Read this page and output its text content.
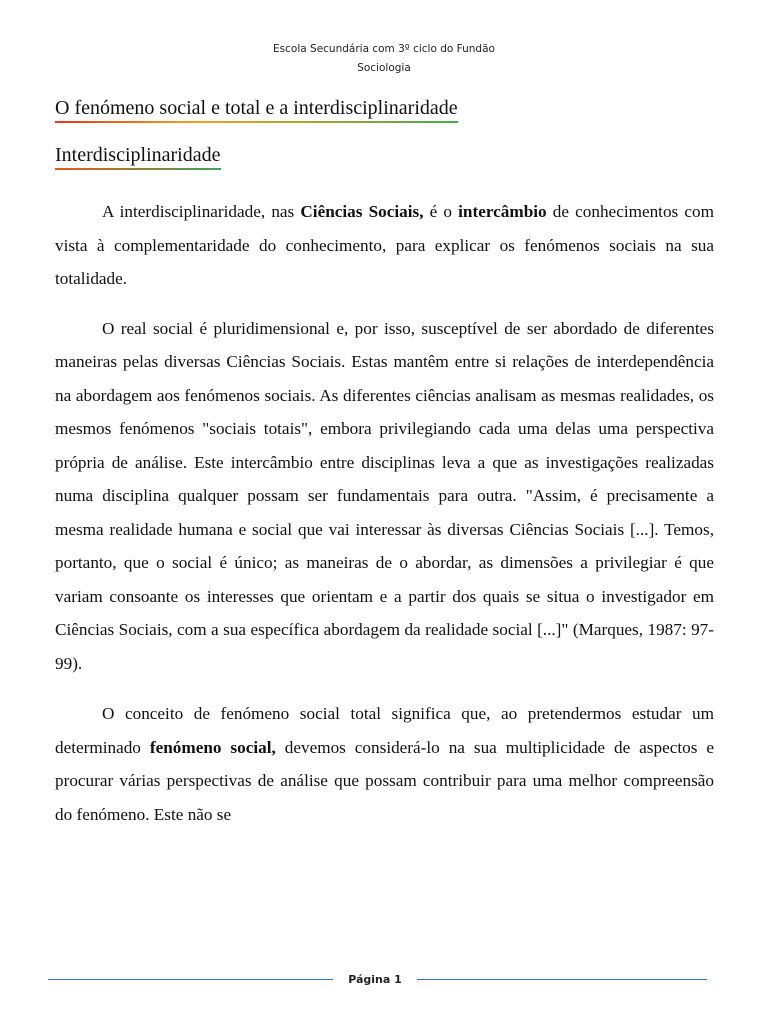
Escola Secundária com 3º ciclo do Fundão
Sociologia
O fenómeno social e total e a interdisciplinaridade
Interdisciplinaridade

A interdisciplinaridade, nas Ciências Sociais, é o intercâmbio de conhecimentos com vista à complementaridade do conhecimento, para explicar os fenómenos sociais na sua totalidade.

O real social é pluridimensional e, por isso, susceptível de ser abordado de diferentes maneiras pelas diversas Ciências Sociais. Estas mantêm entre si relações de interdependência na abordagem aos fenómenos sociais. As diferentes ciências analisam as mesmas realidades, os mesmos fenómenos "sociais totais", embora privilegiando cada uma delas uma perspectiva própria de análise. Este intercâmbio entre disciplinas leva a que as investigações realizadas numa disciplina qualquer possam ser fundamentais para outra. "Assim, é precisamente a mesma realidade humana e social que vai interessar às diversas Ciências Sociais [...]. Temos, portanto, que o social é único; as maneiras de o abordar, as dimensões a privilegiar é que variam consoante os interesses que orientam e a partir dos quais se situa o investigador em Ciências Sociais, com a sua específica abordagem da realidade social [...]" (Marques, 1987: 97-99).

O conceito de fenómeno social total significa que, ao pretendermos estudar um determinado fenómeno social, devemos considerá-lo na sua multiplicidade de aspectos e procurar várias perspectivas de análise que possam contribuir para uma melhor compreensão do fenómeno. Este não se

Página 1
